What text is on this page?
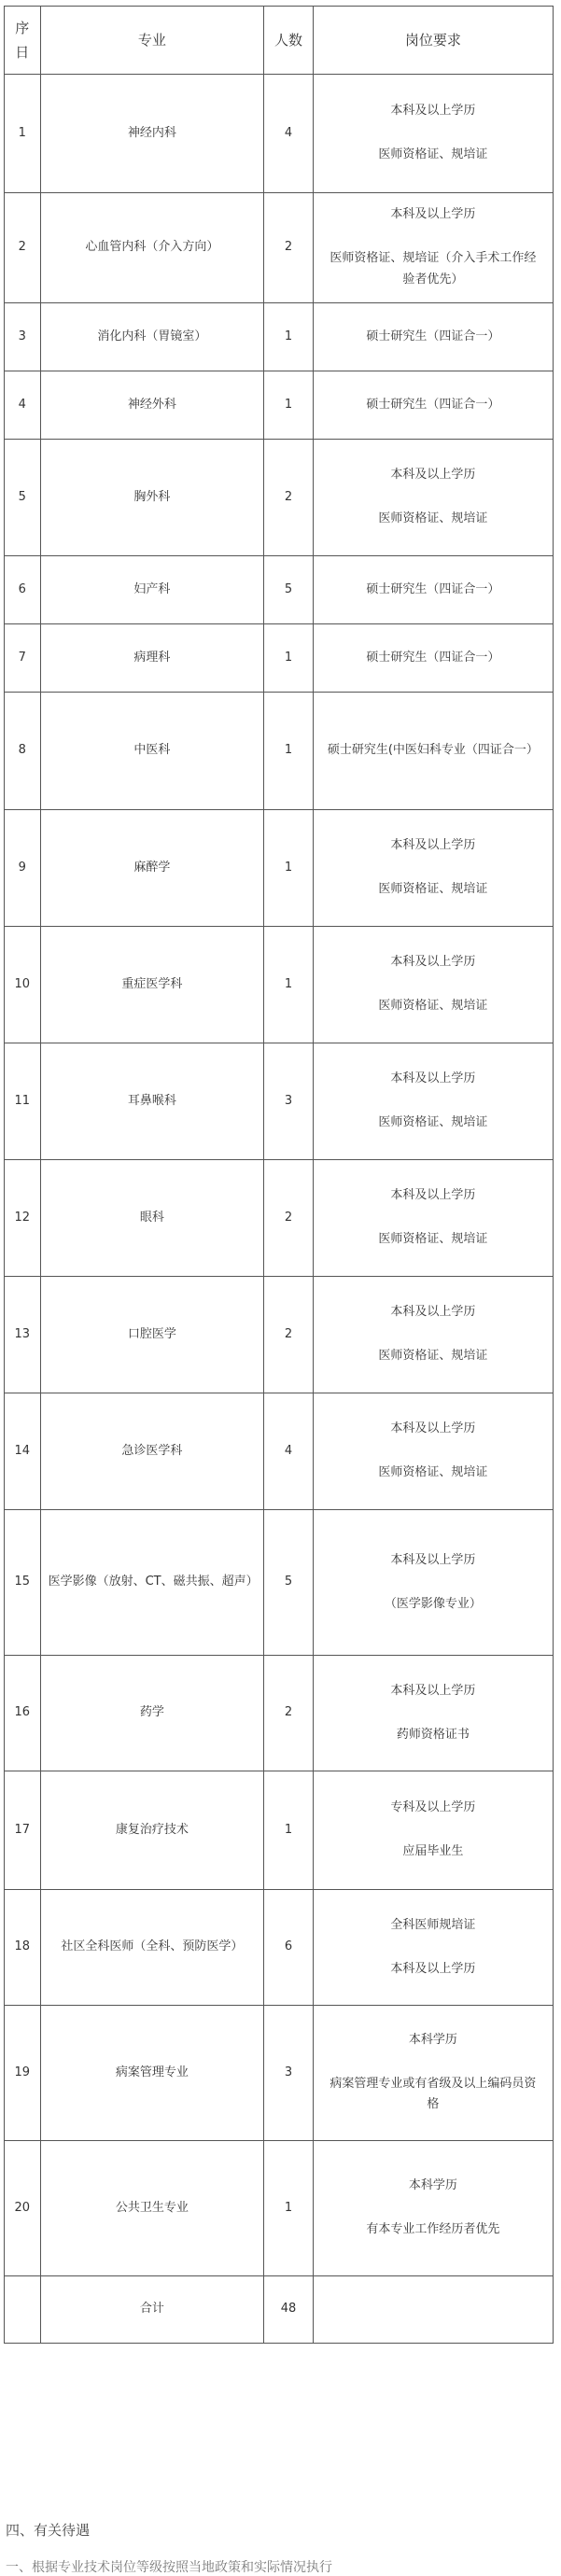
序日	专业	人数	岗位要求
1	神经内科	4	本科及以上学历
医师资格证、规培证

2	心血管内科（介入方向）	2	本科及以上学历
医师资格证、规培证（介入手术工作经验者优先）

3	消化内科（胃镜室）	1	硕士研究生（四证合一）

4	神经外科	1	硕士研究生（四证合一）

5	胸外科	2	本科及以上学历
医师资格证、规培证

6	妇产科	5	硕士研究生（四证合一）

7	病理科	1	硕士研究生（四证合一）

8	中医科	1	硕士研究生(中医妇科专业（四证合一）

9	麻醉学	1	本科及以上学历
医师资格证、规培证

10	重症医学科	1	本科及以上学历
医师资格证、规培证

11	耳鼻喉科	3	本科及以上学历
医师资格证、规培证

12	眼科	2	本科及以上学历
医师资格证、规培证

13	口腔医学	2	本科及以上学历
医师资格证、规培证

14	急诊医学科	4	本科及以上学历
医师资格证、规培证

15	医学影像（放射、CT、磁共振、超声）	5	本科及以上学历
（医学影像专业）

16	药学	2	本科及以上学历
药师资格证书

17	康复治疗技术	1	专科及以上学历
应届毕业生

18	社区全科医师（全科、预防医学）	6	全科医师规培证
本科及以上学历

19	病案管理专业	3	本科学历
病案管理专业或有省级及以上编码员资格

20	公共卫生专业	1	本科学历
有本专业工作经历者优先

	合计	48	
四、有关待遇
一、根据专业技术岗位等级按照当地政策和实际情况执行
